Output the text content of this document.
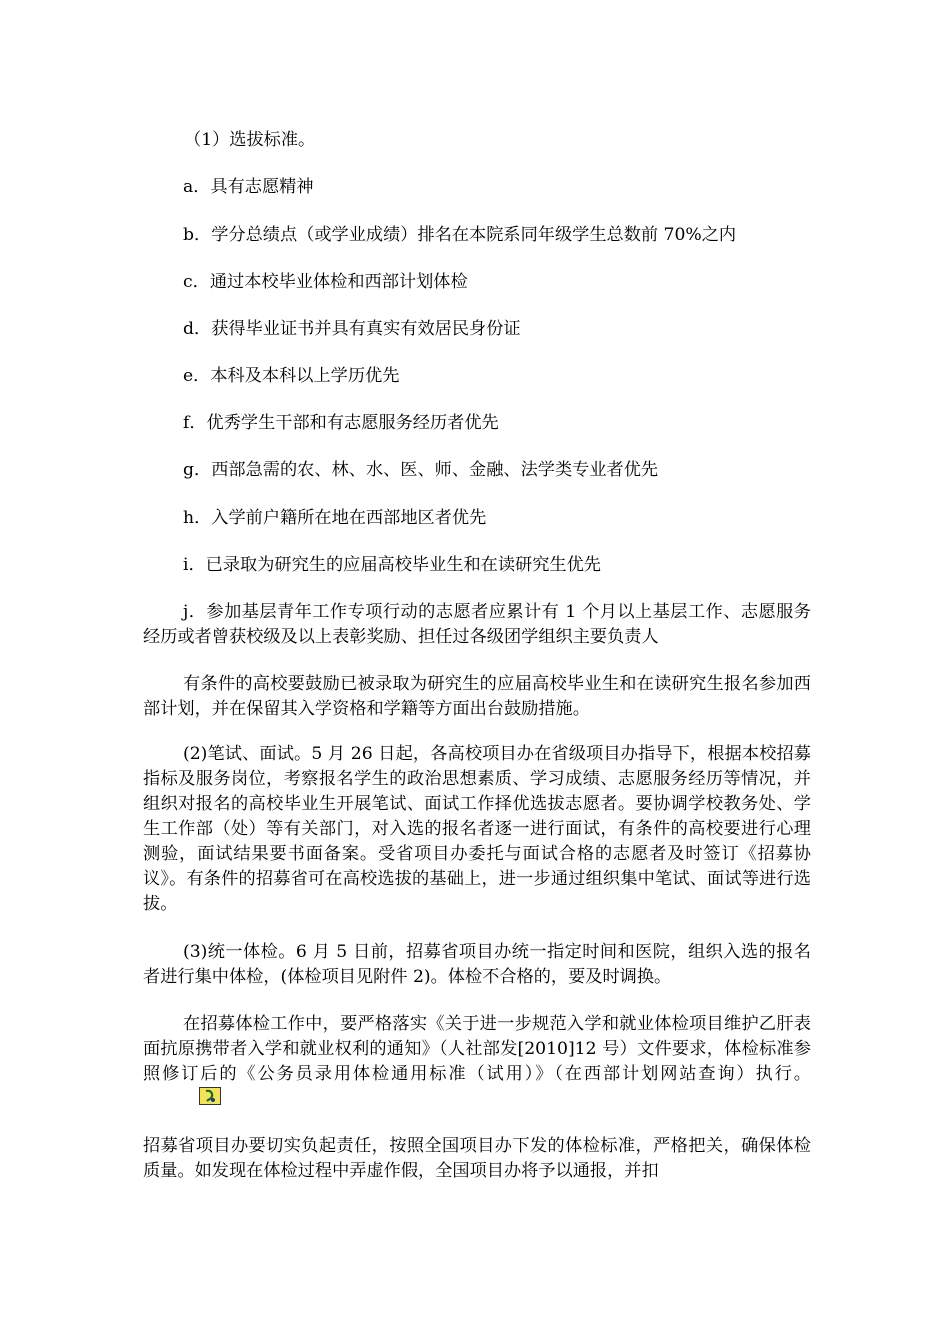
（1）选拔标准。

a．具有志愿精神

b．学分总绩点（或学业成绩）排名在本院系同年级学生总数前 70%之内

c．通过本校毕业体检和西部计划体检

d．获得毕业证书并具有真实有效居民身份证

e．本科及本科以上学历优先

f．优秀学生干部和有志愿服务经历者优先

g．西部急需的农、林、水、医、师、金融、法学类专业者优先

h．入学前户籍所在地在西部地区者优先

i．已录取为研究生的应届高校毕业生和在读研究生优先

j．参加基层青年工作专项行动的志愿者应累计有 1 个月以上基层工作、志愿服务经历或者曾获校级及以上表彰奖励、担任过各级团学组织主要负责人

有条件的高校要鼓励已被录取为研究生的应届高校毕业生和在读研究生报名参加西部计划，并在保留其入学资格和学籍等方面出台鼓励措施。

(2)笔试、面试。5 月 26 日起，各高校项目办在省级项目办指导下，根据本校招募指标及服务岗位，考察报名学生的政治思想素质、学习成绩、志愿服务经历等情况，并组织对报名的高校毕业生开展笔试、面试工作择优选拔志愿者。要协调学校教务处、学生工作部（处）等有关部门，对入选的报名者逐一进行面试，有条件的高校要进行心理测验，面试结果要书面备案。受省项目办委托与面试合格的志愿者及时签订《招募协议》。有条件的招募省可在高校选拔的基础上，进一步通过组织集中笔试、面试等进行选拔。

(3)统一体检。6 月 5 日前，招募省项目办统一指定时间和医院，组织入选的报名者进行集中体检，(体检项目见附件 2)。体检不合格的，要及时调换。

在招募体检工作中，要严格落实《关于进一步规范入学和就业体检项目维护乙肝表面抗原携带者入学和就业权利的通知》（人社部发[2010]12 号）文件要求，体检标准参照修订后的《公务员录用体检通用标准（试用）》（在西部计划网站查询）执行。

招募省项目办要切实负起责任，按照全国项目办下发的体检标准，严格把关，确保体检质量。如发现在体检过程中弄虚作假，全国项目办将予以通报，并扣
